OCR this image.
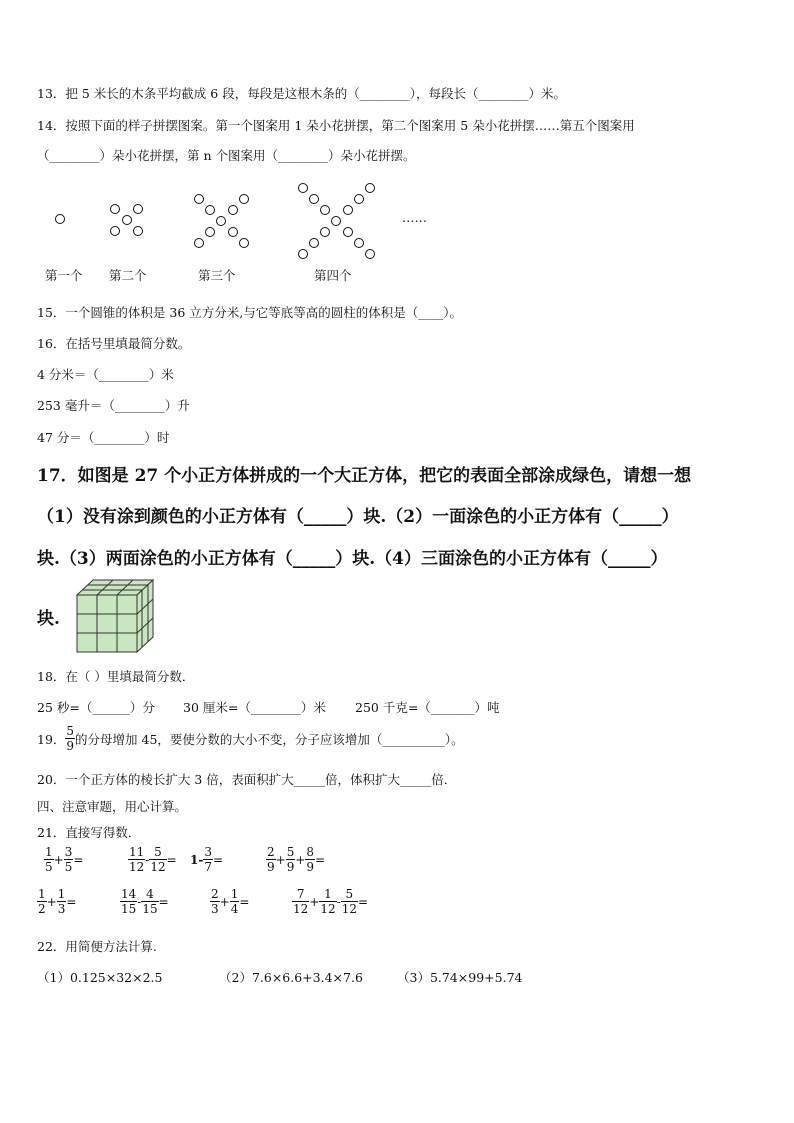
13．把 5 米长的木条平均截成 6 段，每段是这根木条的（________），每段长（________）米。
14．按照下面的样子拼摆图案。第一个图案用 1 朵小花拼摆，第二个图案用 5 朵小花拼摆……第五个图案用
（________）朵小花拼摆，第 n 个图案用（________）朵小花拼摆。
……
第一个 第二个	第三个	第四个
15．一个圆锥的体积是 36 立方分米,与它等底等高的圆柱的体积是（____）。
16．在括号里填最简分数。
4 分米＝（________）米
253 毫升＝（________）升
47 分＝（________）时
17．如图是 27 个小正方体拼成的一个大正方体，把它的表面全部涂成绿色，请想一想
（1）没有涂到颜色的小正方体有（_____）块.（2）一面涂色的小正方体有（_____）
块.（3）两面涂色的小正方体有（_____）块.（4）三面涂色的小正方体有（_____）
块.
18．在（ ）里填最简分数．
25 秒=（______）分 30 厘米=（________）米 250 千克=（_______）吨
19． $\frac{5}{9}$ 的分母增加 45，要使分数的大小不变，分子应该增加（__________）。
20．一个正方体的棱长扩大 3 倍，表面积扩大_____倍，体积扩大_____倍．
四、注意审题，用心计算。
21．直接写得数．
$\frac{1}{5} + \frac{3}{5}$ =	$\frac{11}{12} - \frac{5}{12} = 1- \frac{3}{7}$ =	$\frac{2}{9} + \frac{5}{9} + \frac{8}{9}$ =
$\frac{1}{2} + \frac{1}{3}$ =	$\frac{14}{15} - \frac{4}{15}$ =	$\frac{2}{3} + \frac{1}{4}$ =	$\frac{7}{12} + \frac{1}{12} - \frac{5}{12}$ =
22．用简便方法计算.
（1）0.125×32×2.5	（2）7.6×6.6+3.4×7.6	（3）5.74×99+5.74
